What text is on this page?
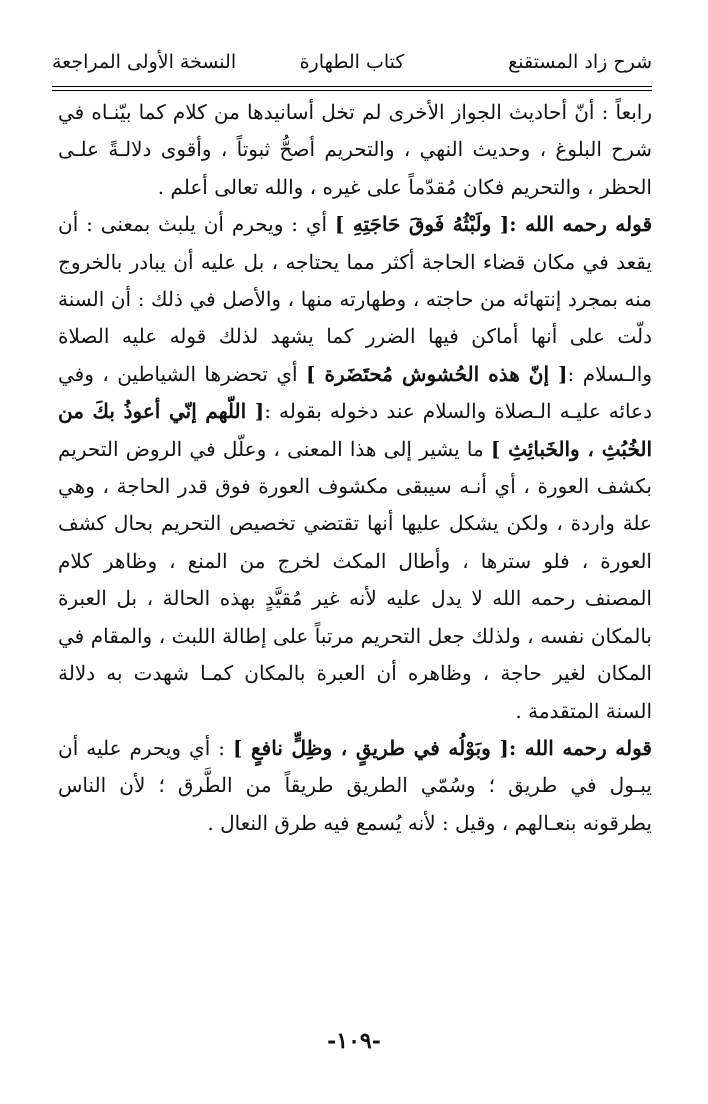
شرح زاد المستقنع
كتاب الطهارة
النسخة الأولى المراجعة

رابعاً : أنّ أحاديث الجواز الأخرى لم تخل أسانيدها من كلام كما بيّنـاه في شرح البلوغ ، وحديث النهي ، والتحريم أصحُّ ثبوتاً ، وأقوى دلالـةً علـى الحظر ، والتحريم فكان مُقدّماً على غيره ، والله تعالى أعلم .

قوله رحمه الله :[ ولَبْثُهُ فَوقَ حَاجَتِهِ ] أي : ويحرم أن يلبث بمعنى : أن يقعد في مكان قضاء الحاجة أكثر مما يحتاجه ، بل عليه أن يبادر بالخروج منه بمجرد إنتهائه من حاجته ، وطهارته منها ، والأصل في ذلك : أن السنة دلّت على أنها أماكن فيها الضرر كما يشهد لذلك قوله عليه الصلاة والـسلام :[ إنّ هذه الحُشوش مُحتَضَرة ] أي تحضرها الشياطين ، وفي دعائه عليـه الـصلاة والسلام عند دخوله بقوله :[ اللّهم إنّي أعوذُ بكَ من الخُبُثِ ، والخَبائِثِ ] ما يشير إلى هذا المعنى ، وعلّل في الروض التحريم بكشف العورة ، أي أنـه سيبقى مكشوف العورة فوق قدر الحاجة ، وهي علة واردة ، ولكن يشكل عليها أنها تقتضي تخصيص التحريم بحال كشف العورة ، فلو سترها ، وأطال المكث لخرج من المنع ، وظاهر كلام المصنف رحمه الله لا يدل عليه لأنه غير مُقيَّدٍ بهذه الحالة ، بل العبرة بالمكان نفسه ، ولذلك جعل التحريم مرتباً على إطالة اللبث ، والمقام في المكان لغير حاجة ، وظاهره أن العبرة بالمكان كمـا شهدت به دلالة السنة المتقدمة .

قوله رحمه الله :[ وبَوْلُه في طريقٍ ، وظِلٍّ نافعٍ ] : أي ويحرم عليه أن يبـول في طريق ؛ وسُمّي الطريق طريقاً من الطَّرق ؛ لأن الناس يطرقونه بنعـالهم ، وقيل : لأنه يُسمع فيه طرق النعال .

-١٠٩-
